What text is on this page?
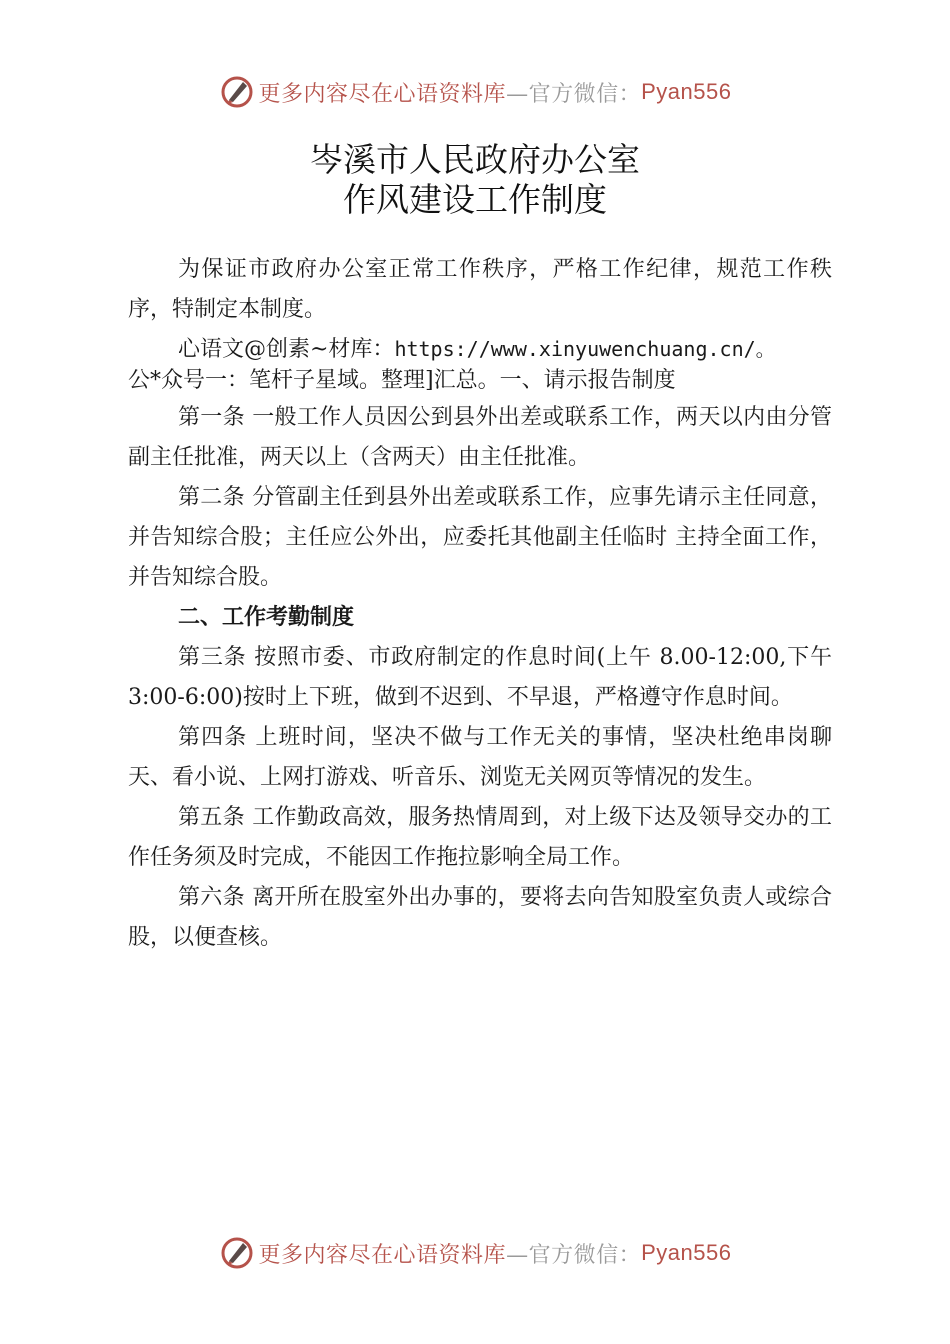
更多内容尽在心语资料库 —官方微信： Pyan556
岑溪市人民政府办公室
作风建设工作制度

为保证市政府办公室正常工作秩序，严格工作纪律，规范工作秩序，特制定本制度。

心语文@创素~材库：https://www.xinyuwenchuang.cn/。
公*众号一：笔杆子星域。整理]汇总。一、请示报告制度

第一条 一般工作人员因公到县外出差或联系工作，两天以内由分管副主任批准，两天以上（含两天）由主任批准。

第二条 分管副主任到县外出差或联系工作，应事先请示主任同意，并告知综合股；主任应公外出，应委托其他副主任临时 主持全面工作，并告知综合股。

二、工作考勤制度

第三条 按照市委、市政府制定的作息时间(上午 8.00-12:00,下午 3:00-6:00)按时上下班，做到不迟到、不早退，严格遵守作息时间。

第四条 上班时间，坚决不做与工作无关的事情，坚决杜绝串岗聊天、看小说、上网打游戏、听音乐、浏览无关网页等情况的发生。

第五条 工作勤政高效，服务热情周到，对上级下达及领导交办的工作任务须及时完成，不能因工作拖拉影响全局工作。

第六条 离开所在股室外出办事的，要将去向告知股室负责人或综合股，以便查核。

更多内容尽在心语资料库 —官方微信： Pyan556
